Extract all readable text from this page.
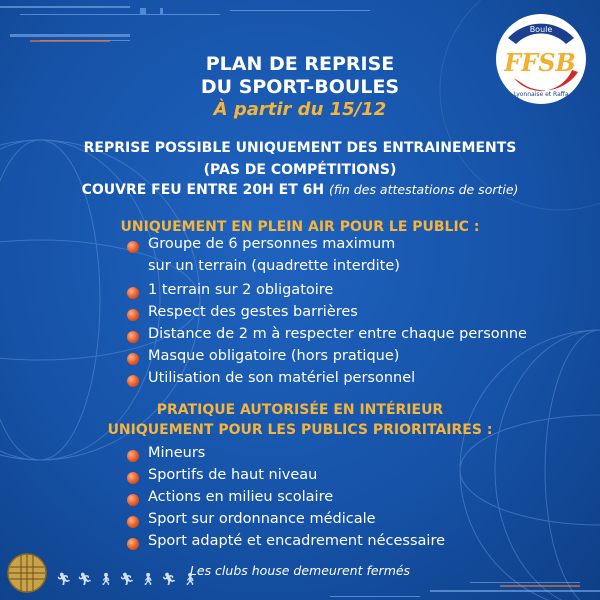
FFSB
Boule
Lyonnaise et Raffa
PLAN DE REPRISE
DU SPORT-BOULES
À partir du 15/12
REPRISE POSSIBLE UNIQUEMENT DES ENTRAINEMENTS
(PAS DE COMPÉTITIONS)
COUVRE FEU ENTRE 20H ET 6H (fin des attestations de sortie)
UNIQUEMENT EN PLEIN AIR POUR LE PUBLIC :
Groupe de 6 personnes maximum
sur un terrain (quadrette interdite)
1 terrain sur 2 obligatoire
Respect des gestes barrières
Distance de 2 m à respecter entre chaque personne
Masque obligatoire (hors pratique)
Utilisation de son matériel personnel
PRATIQUE AUTORISÉE EN INTÉRIEUR
UNIQUEMENT POUR LES PUBLICS PRIORITAIRES :
Mineurs
Sportifs de haut niveau
Actions en milieu scolaire
Sport sur ordonnance médicale
Sport adapté et encadrement nécessaire
Les clubs house demeurent fermés
🏃︎ 🏃︎ 🚶︎ 🏃︎ 🚶︎ 🏃︎ 🚶︎
